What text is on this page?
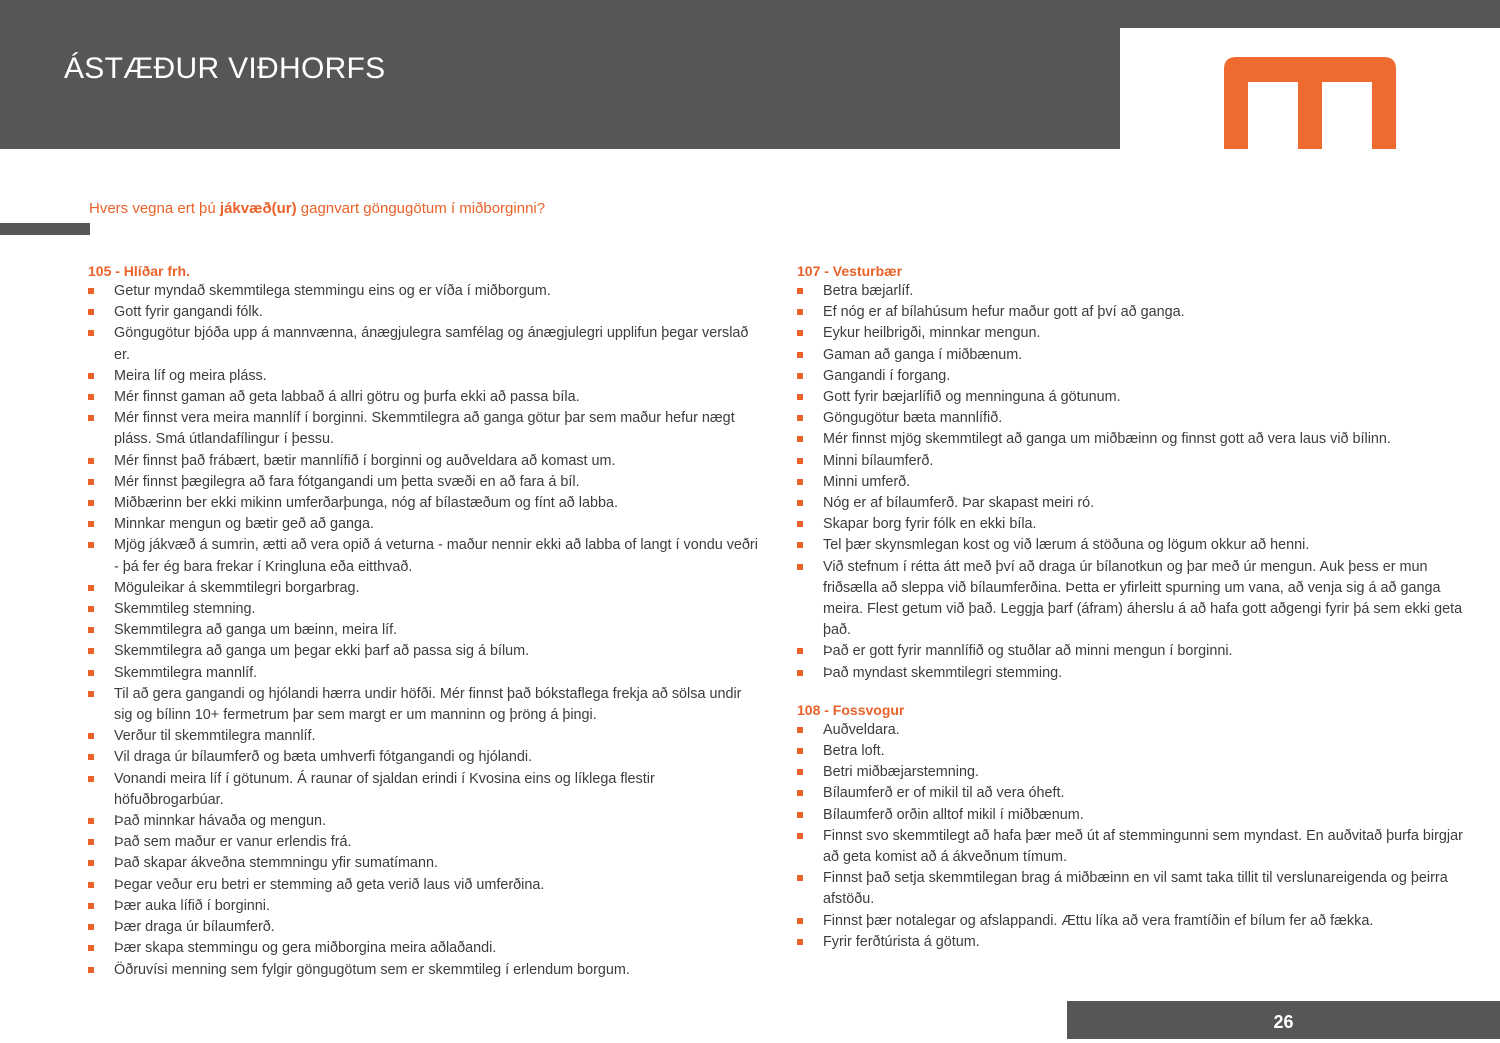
ÁSTÆÐUR VIÐHORFS
Hvers vegna ert þú jákvæð(ur) gagnvart göngugötum í miðborginni?

105 - Hlíðar frh.

Getur myndað skemmtilega stemmingu eins og er víða í miðborgum.
Gott fyrir gangandi fólk.
Göngugötur bjóða upp á mannvænna, ánægjulegra samfélag og ánægjulegri upplifun þegar verslað er.
Meira líf og meira pláss.
Mér finnst gaman að geta labbað á allri götru og þurfa ekki að passa bíla.
Mér finnst vera meira mannlíf í borginni. Skemmtilegra að ganga götur þar sem maður hefur nægt pláss. Smá útlandafílingur í þessu.
Mér finnst það frábært, bætir mannlífið í borginni og auðveldara að komast um.
Mér finnst þægilegra að fara fótgangandi um þetta svæði en að fara á bíl.
Miðbærinn ber ekki mikinn umferðarþunga, nóg af bílastæðum og fínt að labba.
Minnkar mengun og bætir geð að ganga.
Mjög jákvæð á sumrin, ætti að vera opið á veturna - maður nennir ekki að labba of langt í vondu veðri - þá fer ég bara frekar í Kringluna eða eitthvað.
Möguleikar á skemmtilegri borgarbrag.
Skemmtileg stemning.
Skemmtilegra að ganga um bæinn, meira líf.
Skemmtilegra að ganga um þegar ekki þarf að passa sig á bílum.
Skemmtilegra mannlíf.
Til að gera gangandi og hjólandi hærra undir höfði. Mér finnst það bókstaflega frekja að sölsa undir sig og bílinn 10+ fermetrum þar sem margt er um manninn og þröng á þingi.
Verður til skemmtilegra mannlíf.
Vil draga úr bílaumferð og bæta umhverfi fótgangandi og hjólandi.
Vonandi meira líf í götunum. Á raunar of sjaldan erindi í Kvosina eins og líklega flestir höfuðbrogarbúar.
Það minnkar hávaða og mengun.
Það sem maður er vanur erlendis frá.
Það skapar ákveðna stemmningu yfir sumatímann.
Þegar veður eru betri er stemming að geta verið laus við umferðina.
Þær auka lífið í borginni.
Þær draga úr bílaumferð.
Þær skapa stemmingu og gera miðborgina meira aðlaðandi.
Öðruvísi menning sem fylgir göngugötum sem er skemmtileg í erlendum borgum.

107 - Vesturbær

Betra bæjarlíf.
Ef nóg er af bílahúsum hefur maður gott af því að ganga.
Eykur heilbrigði, minnkar mengun.
Gaman að ganga í miðbænum.
Gangandi í forgang.
Gott fyrir bæjarlífið og menninguna á götunum.
Göngugötur bæta mannlífið.
Mér finnst mjög skemmtilegt að ganga um miðbæinn og finnst gott að vera laus við bílinn.
Minni bílaumferð.
Minni umferð.
Nóg er af bílaumferð. Þar skapast meiri ró.
Skapar borg fyrir fólk en ekki bíla.
Tel þær skynsmlegan kost og við lærum á stöðuna og lögum okkur að henni.
Við stefnum í rétta átt með því að draga úr bílanotkun og þar með úr mengun. Auk þess er mun friðsælla að sleppa við bílaumferðina. Þetta er yfirleitt spurning um vana, að venja sig á að ganga meira. Flest getum við það. Leggja þarf (áfram) áherslu á að hafa gott aðgengi fyrir þá sem ekki geta það.
Það er gott fyrir mannlífið og stuðlar að minni mengun í borginni.
Það myndast skemmtilegri stemming.

108 - Fossvogur

Auðveldara.
Betra loft.
Betri miðbæjarstemning.
Bílaumferð er of mikil til að vera óheft.
Bílaumferð orðin alltof mikil í miðbænum.
Finnst svo skemmtilegt að hafa þær með út af stemmingunni sem myndast. En auðvitað þurfa birgjar að geta komist að á ákveðnum tímum.
Finnst það setja skemmtilegan brag á miðbæinn en vil samt taka tillit til verslunareigenda og þeirra afstöðu.
Finnst þær notalegar og afslappandi. Ættu líka að vera framtíðin ef bílum fer að fækka.
Fyrir ferðtúrista á götum.
26
